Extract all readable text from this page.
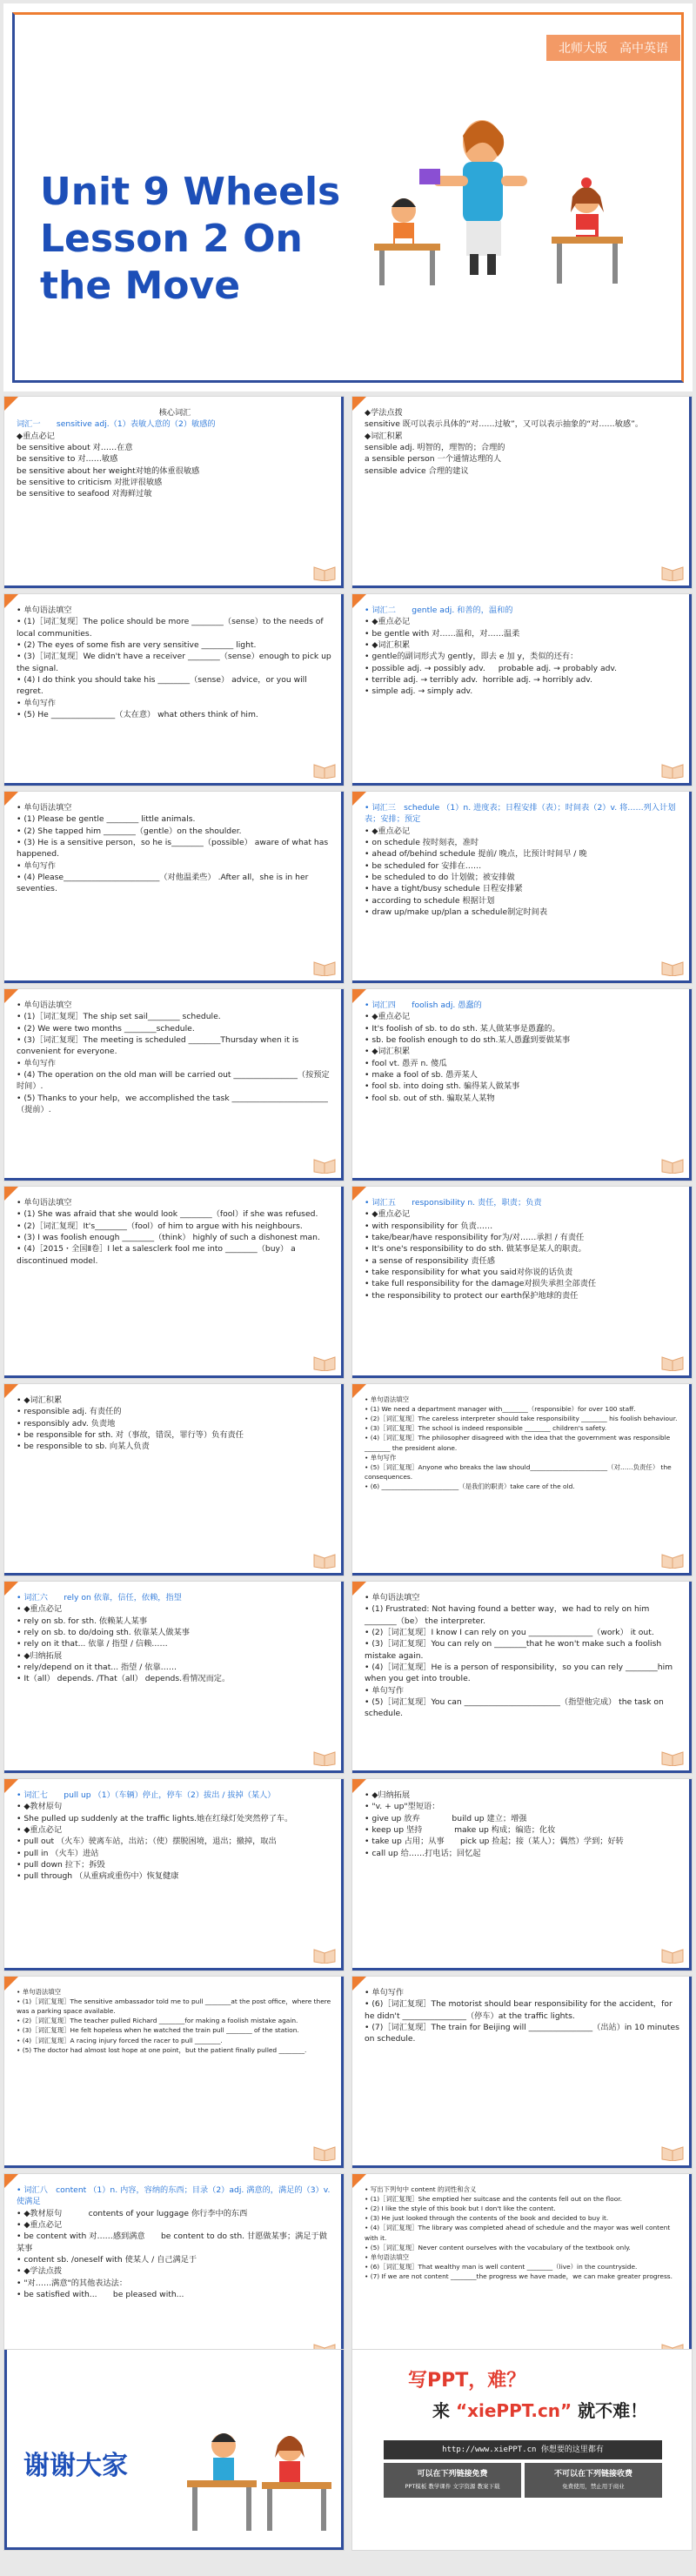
北师大版　高中英语
Unit 9 Wheels
Lesson 2 On
the Move
核心词汇
词汇一　　sensitive adj.（1）表敏人意的（2）敏感的
◆重点必记
be sensitive about 对……在意
be sensitive to 对……敏感
be sensitive about her weight对她的体重很敏感
be sensitive to criticism 对批评很敏感
be sensitive to seafood 对海鲜过敏
◆学法点拨
sensitive 既可以表示具体的“对……过敏”，又可以表示抽象的“对……敏感”。
◆词汇积累
sensible adj. 明智的，理智的；合理的
a sensible person 一个通情达理的人
sensible advice 合理的建议
• 单句语法填空
• (1)［词汇复现］The police should be more ________（sense）to the needs of local communities.
• (2) The eyes of some fish are very sensitive ________ light.
• (3)［词汇复现］We didn't have a receiver ________（sense）enough to pick up the signal.
• (4) I do think you should take his ________（sense） advice，or you will regret.
• 单句写作
• (5) He ________________（太在意） what others think of him.
• 词汇二　　gentle adj. 和善的，温和的
• ◆重点必记
• be gentle with 对……温和，对……温柔
• ◆词汇积累
• gentle的副词形式为 gently，即去 e 加 y，类似的还有：
• possible adj. → possibly adv.　  probable adj. → probably adv.
• terrible adj. → terribly adv.  horrible adj. → horribly adv.
• simple adj. → simply adv.
• 单句语法填空
• (1) Please be gentle ________ little animals.
• (2) She tapped him ________（gentle）on the shoulder.
• (3) He is a sensitive person，so he is________（possible） aware of what has happened.
• 单句写作
• (4) Please________________________（对他温柔些） .After all，she is in her seventies.
• 词汇三　schedule （1）n. 进度表；日程安排（表）；时间表（2）v. 将……列入计划表；安排；预定
• ◆重点必记
• on schedule 按时刻表，准时
• ahead of/behind schedule 提前/ 晚点，比预计时间早 / 晚
• be scheduled for 安排在……
• be scheduled to do 计划做；被安排做
• have a tight/busy schedule 日程安排紧
• according to schedule 根据计划
• draw up/make up/plan a schedule制定时间表
• 单句语法填空
• (1)［词汇复现］The ship set sail________ schedule.
• (2) We were two months ________schedule.
• (3)［词汇复现］The meeting is scheduled ________Thursday when it is convenient for everyone.
• 单句写作
• (4) The operation on the old man will be carried out ________________（按预定时间）.
• (5) Thanks to your help，we accomplished the task ________________________（提前）.
• 词汇四　　foolish adj. 愚蠢的
• ◆重点必记
• It's foolish of sb. to do sth. 某人做某事是愚蠢的。
• sb. be foolish enough to do sth.某人愚蠢到要做某事
• ◆词汇积累
• fool vt. 愚弄 n. 傻瓜
• make a fool of sb. 愚弄某人
• fool sb. into doing sth. 骗得某人做某事
• fool sb. out of sth. 骗取某人某物
• 单句语法填空
• (1) She was afraid that she would look ________（fool）if she was refused.
• (2)［词汇复现］It's________（fool）of him to argue with his neighbours.
• (3) I was foolish enough ________（think） highly of such a dishonest man.
• (4)［2015・全国Ⅱ卷］I let a salesclerk fool me into ________（buy） a discontinued model.
• 词汇五　　responsibility n. 责任，职责；负责
• ◆重点必记
• with responsibility for 负责……
• take/bear/have responsibility for为/对……承担 / 有责任
• It's one's responsibility to do sth. 做某事是某人的职责。
• a sense of responsibility 责任感
• take responsibility for what you said对你说的话负责
• take full responsibility for the damage对损失承担全部责任
• the responsibility to protect our earth保护地球的责任
• ◆词汇积累
• responsible adj. 有责任的
• responsibly adv. 负责地
• be responsible for sth. 对（事故，错误，罪行等）负有责任
• be responsible to sb. 向某人负责
• 单句语法填空
• (1) We need a department manager with________（responsible）for over 100 staff.
• (2)［词汇复现］The careless interpreter should take responsibility ________ his foolish behaviour.
• (3)［词汇复现］The school is indeed responsible ________ children's safety.
• (4)［词汇复现］The philosopher disagreed with the idea that the government was responsible ________ the president alone.
• 单句写作
• (5)［词汇复现］Anyone who breaks the law should________________________（对……负责任） the consequences.
• (6) ________________________（是我们的职责）take care of the old.
• 词汇六　　rely on 依靠，信任，依赖，指望
• ◆重点必记
• rely on sb. for sth. 依赖某人某事
• rely on sb. to do/doing sth. 依靠某人做某事
• rely on it that... 依靠 / 指望 / 信赖……
• ◆归纳拓展
• rely/depend on it that... 指望 / 依靠……
• It（all） depends. /That（all） depends.看情况而定。
• 单句语法填空
• (1) Frustrated: Not having found a better way，we had to rely on him ________（be） the interpreter.
• (2)［词汇复现］I know I can rely on you ________________（work） it out.
• (3)［词汇复现］You can rely on ________that he won't make such a foolish mistake again.
• (4)［词汇复现］He is a person of responsibility，so you can rely ________him when you get into trouble.
• 单句写作
• (5)［词汇复现］You can ________________________（指望他完成） the task on schedule.
• 词汇七　　pull up （1）（车辆）停止，停车（2）拔出 / 拔掉（某人）
• ◆教材原句
• She pulled up suddenly at the traffic lights.她在红绿灯处突然停了车。
• ◆重点必记
• pull out （火车）驶离车站，出站；（使）摆脱困境，退出；撤掉，取出
• pull in （火车）进站
• pull down 拉下；拆毁
• pull through （从重病或重伤中）恢复健康
• ◆归纳拓展
• "v. + up"型短语：
• give up 放弃　　　　build up 建立；增强
• keep up 坚持　　　　make up 构成；编造；化妆
• take up 占用；从事　　pick up 捡起；接（某人）；偶然）学到；好转
• call up 给……打电话；回忆起
• 单句语法填空
• (1)［词汇复现］The sensitive ambassador told me to pull ________at the post office，where there was a parking space available.
• (2)［词汇复现］The teacher pulled Richard ________for making a foolish mistake again.
• (3)［词汇复现］He felt hopeless when he watched the train pull ________ of the station.
• (4)［词汇复现］A racing injury forced the racer to pull ________.
• (5) The doctor had almost lost hope at one point，but the patient finally pulled ________.
• 单句写作
• (6)［词汇复现］The motorist should bear responsibility for the accident，for he didn't ________________（停车）at the traffic lights.
• (7)［词汇复现］The train for Beijing will ________________（出站）in 10 minutes on schedule.
• 词汇八　content （1）n. 内容，容纳的东西；目录（2）adj. 满意的，满足的（3）v. 使满足
• ◆教材原句　　　 contents of your luggage 你行李中的东西
• ◆重点必记
• be content with 对……感到满意　　be content to do sth. 甘愿做某事；满足于做某事
• content sb. /oneself with 使某人 / 自己满足于
• ◆学法点拨
• "对……满意"的其他表达法：
• be satisfied with...　　be pleased with...
• 写出下列句中 content 的词性和含义
• (1)［词汇复现］She emptied her suitcase and the contents fell out on the floor.
• (2) I like the style of this book but I don't like the content.
• (3) He just looked through the contents of the book and decided to buy it.
• (4)［词汇复现］The library was completed ahead of schedule and the mayor was well content with it.
• (5)［词汇复现］Never content ourselves with the vocabulary of the textbook only.
• 单句语法填空
• (6)［词汇复现］That wealthy man is well content ________（live）in the countryside.
• (7) If we are not content ________the progress we have made，we can make greater progress.
谢谢大家
写PPT，难？
来 “xiePPT.cn” 就不难！
http://www.xiePPT.cn 你想要的这里都有
可以在下列链接免费
PPT模板 教学课件 文字资源 教案下载
不可以在下列链接收费
免费使用，禁止用于商业
